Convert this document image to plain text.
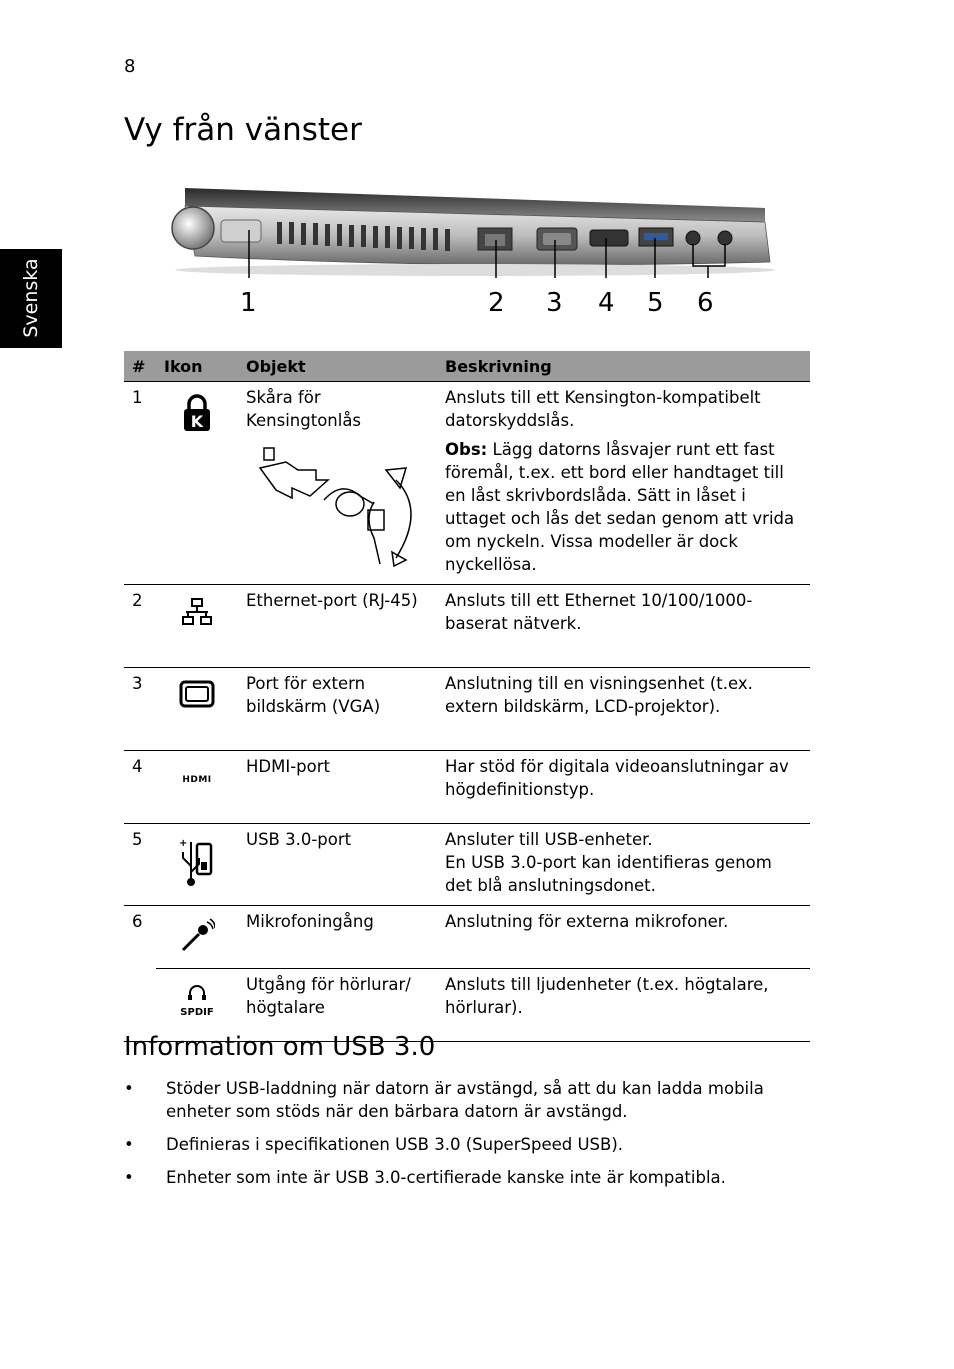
8
Svenska
Vy från vänster
1	2 3 4 5 6
#	Ikon	Objekt	Beskrivning
1	K	Skåra för Kensingtonlås	Ansluts till ett Kensington-kompatibelt datorskyddslås.

Obs: Lägg datorns låsvajer runt ett fast föremål, t.ex. ett bord eller handtaget till en låst skrivbordslåda. Sätt in låset i uttaget och lås det sedan genom att vrida om nyckeln. Vissa modeller är dock nyckellösa.

2		Ethernet-port (RJ-45)	Ansluts till ett Ethernet 10/100/1000-baserat nätverk.
3		Port för extern bildskärm (VGA)	Anslutning till en visningsenhet (t.ex. extern bildskärm, LCD-projektor).
4	HDMI	HDMI-port	Har stöd för digitala videoanslutningar av högdefinitionstyp.
5	+	USB 3.0-port	Ansluter till USB-enheter.

En USB 3.0-port kan identifieras genom det blå anslutningsdonet.

6		Mikrofoningång	Anslutning för externa mikrofoner.

	SPDIF	Utgång för hörlurar/ högtalare	Ansluts till ljudenheter (t.ex. högtalare, hörlurar).
Information om USB 3.0
• Stöder USB-laddning när datorn är avstängd, så att du kan ladda mobila enheter som stöds när den bärbara datorn är avstängd.
• Definieras i specifikationen USB 3.0 (SuperSpeed USB).
• Enheter som inte är USB 3.0-certifierade kanske inte är kompatibla.
